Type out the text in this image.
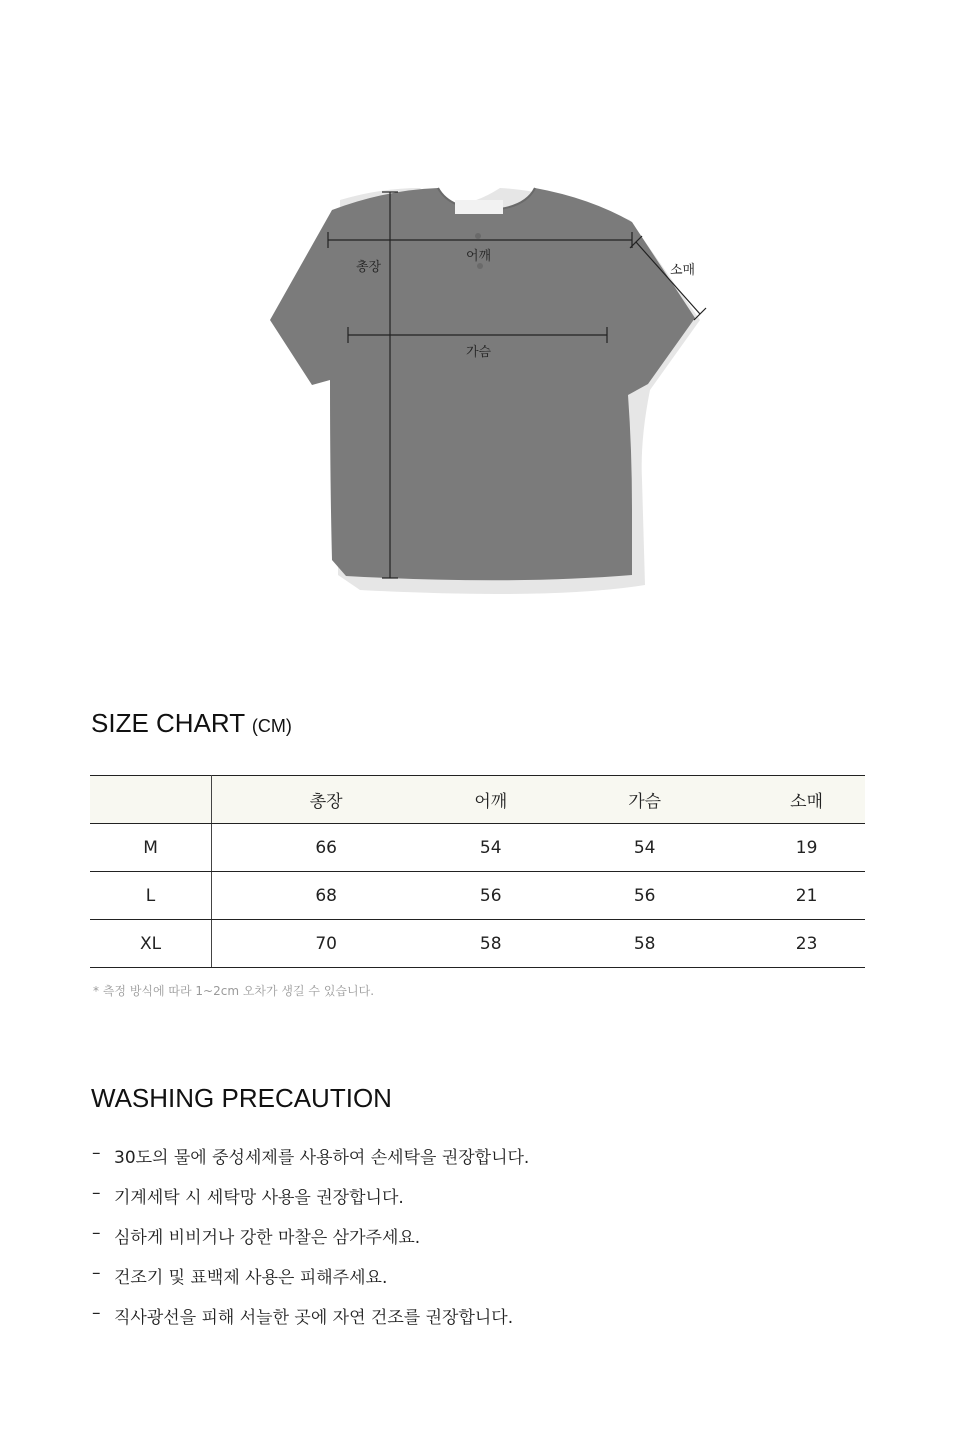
총장
어깨
가슴
소매
SIZE CHART (CM)
	총장	어깨	가슴	소매
M	66	54	54	19
L	68	56	56	21
XL	70	58	58	23
* 측정 방식에 따라 1~2cm 오차가 생길 수 있습니다.
WASHING PRECAUTION
– 30도의 물에 중성세제를 사용하여 손세탁을 권장합니다.
– 기계세탁 시 세탁망 사용을 권장합니다.
– 심하게 비비거나 강한 마찰은 삼가주세요.
– 건조기 및 표백제 사용은 피해주세요.
– 직사광선을 피해 서늘한 곳에 자연 건조를 권장합니다.
